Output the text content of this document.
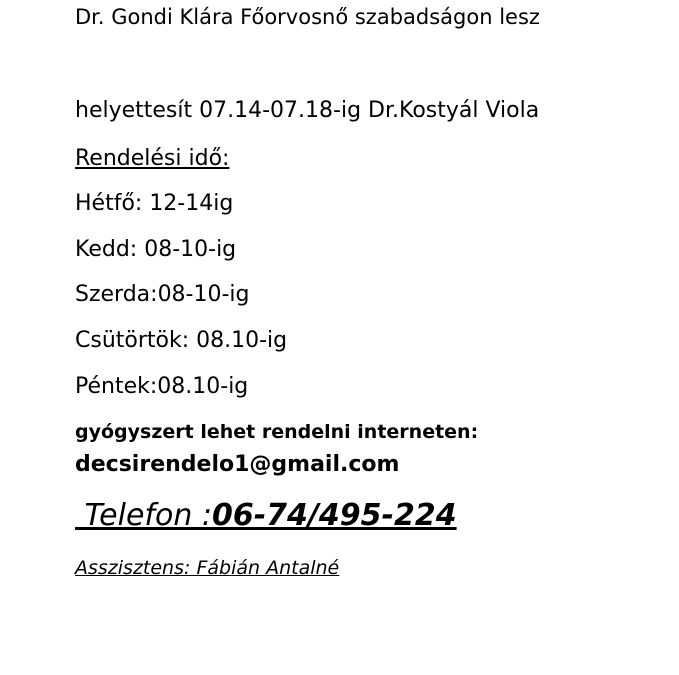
Dr. Gondi Klára Főorvosnő szabadságon lesz
helyettesít 07.14-07.18-ig Dr.Kostyál Viola
Rendelési idő:
Hétfő: 12-14ig
Kedd: 08-10-ig
Szerda:08-10-ig
Csütörtök: 08.10-ig
Péntek:08.10-ig
gyógyszert lehet rendelni interneten:
decsirendelo1@gmail.com
Telefon :06-74/495-224
Asszisztens: Fábián Antalné
